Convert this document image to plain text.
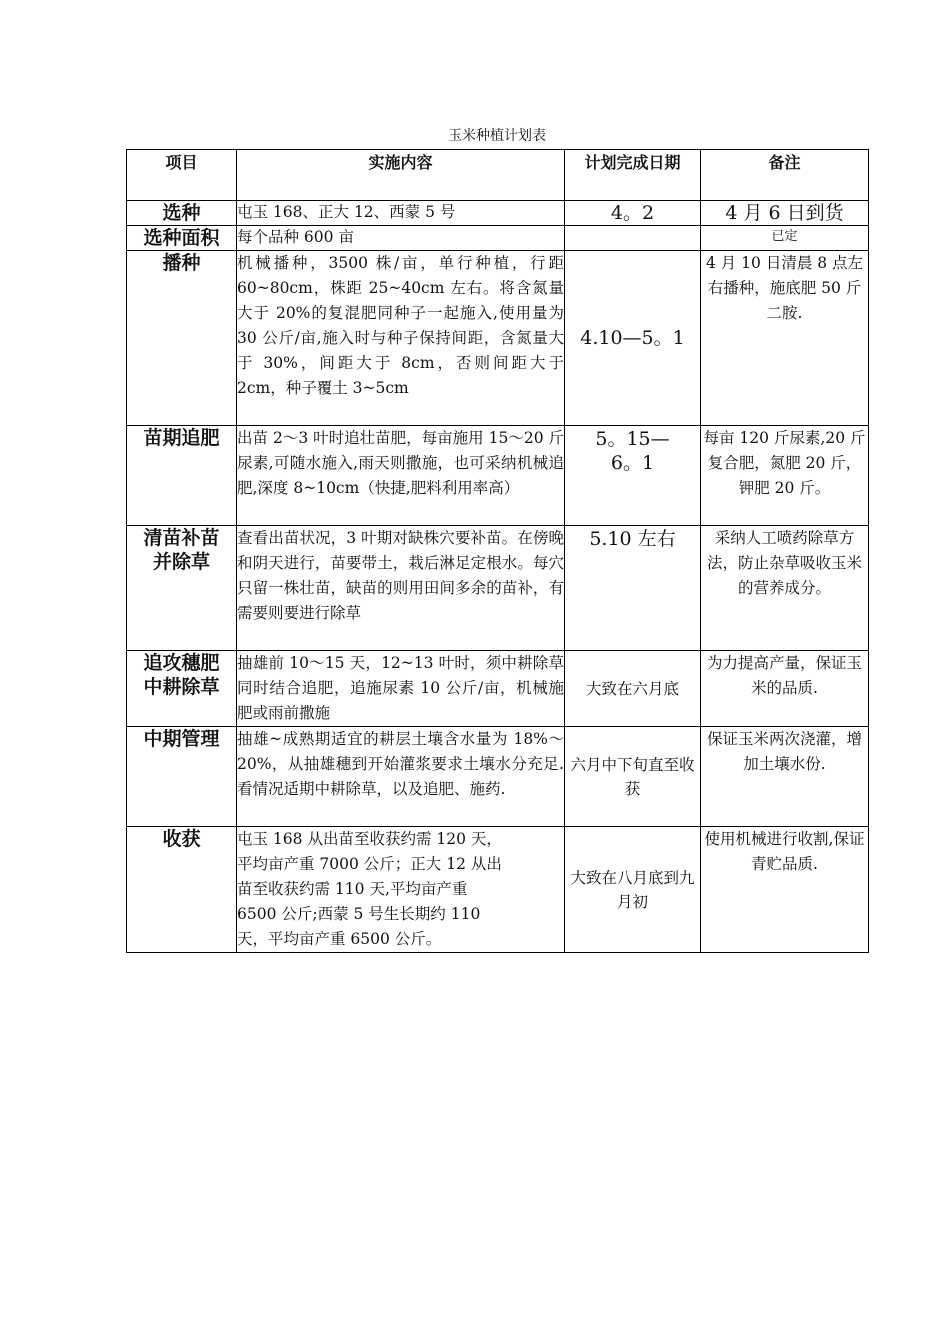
玉米种植计划表
项目	实施内容	计划完成日期	备注
选种	屯玉 168、正大 12、西蒙 5 号	4。2	4 月 6 日到货
选种面积	每个品种 600 亩		已定
播种	机械播种，3500 株/亩，单行种植，行距 60~80cm，株距 25~40cm 左右。将含氮量大于 20%的复混肥同种子一起施入,使用量为 30 公斤/亩,施入时与种子保持间距，含氮量大于 30%，间距大于 8cm，否则间距大于 2cm，种子覆土 3~5cm	4.10—5。1	4 月 10 日清晨 8 点左右播种，施底肥 50 斤二胺.
苗期追肥	出苗 2～3 叶时追壮苗肥，每亩施用 15～20 斤尿素,可随水施入,雨天则撒施，也可采纳机械追肥,深度 8~10cm（快捷,肥料利用率高）	5。15—
6。1	每亩 120 斤尿素,20 斤复合肥，氮肥 20 斤，钾肥 20 斤。
清苗补苗
并除草	查看出苗状况，3 叶期对缺株穴要补苗。在傍晚和阴天进行，苗要带土，栽后淋足定根水。每穴只留一株壮苗，缺苗的则用田间多余的苗补，有需要则要进行除草	5.10 左右	采纳人工喷药除草方法，防止杂草吸收玉米的营养成分。
追攻穗肥
中耕除草	抽雄前 10～15 天，12~13 叶时，须中耕除草同时结合追肥，追施尿素 10 公斤/亩，机械施肥或雨前撒施	大致在六月底	为力提高产量，保证玉米的品质.
中期管理	抽雄~成熟期适宜的耕层土壤含水量为 18%～20%，从抽雄穗到开始灌浆要求土壤水分充足.看情况适期中耕除草，以及追肥、施药.	六月中下旬直至收获	保证玉米两次浇灌，增加土壤水份.
收获	屯玉 168 从出苗至收获约需 120 天，
平均亩产重 7000 公斤；正大 12 从出
苗至收获约需 110 天,平均亩产重
6500 公斤;西蒙 5 号生长期约 110
天，平均亩产重 6500 公斤。	大致在八月底到九月初	使用机械进行收割,保证青贮品质.
